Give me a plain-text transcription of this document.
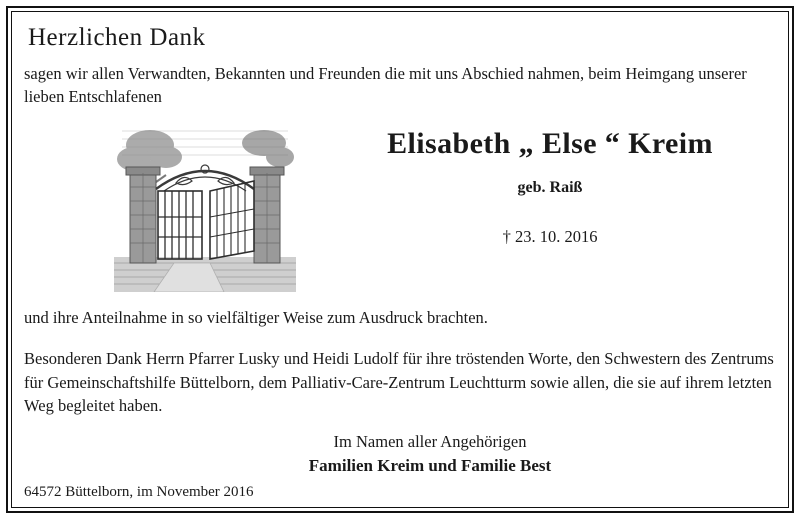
Herzlichen Dank
sagen wir allen Verwandten, Bekannten und Freunden die mit uns Abschied nahmen, beim Heimgang unserer lieben Entschlafenen
Elisabeth „ Else “ Kreim
geb. Raiß
† 23. 10. 2016
und ihre Anteilnahme in so vielfältiger Weise zum Ausdruck brachten.
Besonderen Dank Herrn Pfarrer Lusky und Heidi Ludolf für ihre tröstenden Worte, den Schwestern des Zentrums für Gemeinschaftshilfe Büttelborn, dem Palliativ-Care-Zentrum Leuchtturm sowie allen, die sie auf ihrem letzten Weg begleitet haben.
Im Namen aller Angehörigen
Familien Kreim und Familie Best
64572 Büttelborn, im November 2016
